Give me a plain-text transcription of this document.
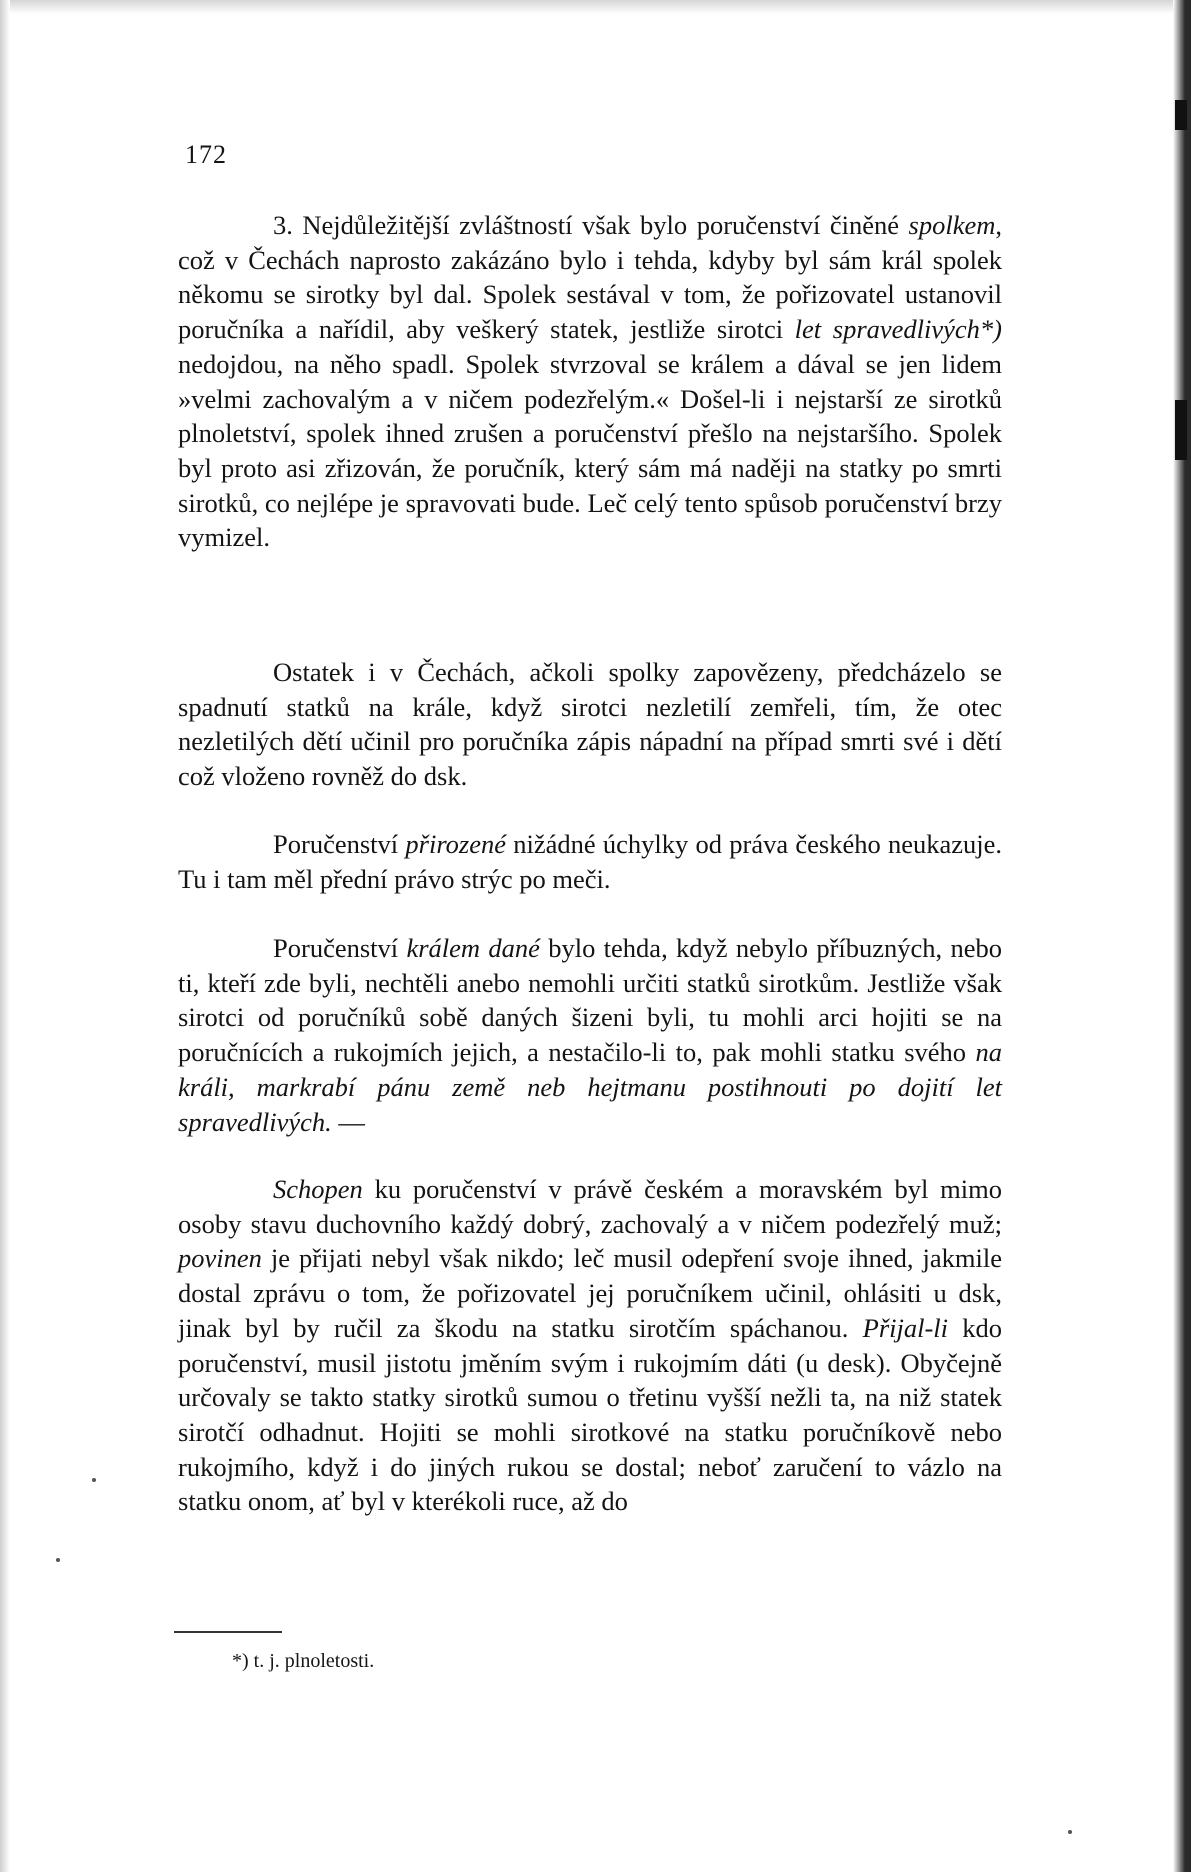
172

3. Nejdůležitější zvláštností však bylo poručenství činěné spolkem, což v Čechách naprosto zakázáno bylo i tehda, kdyby byl sám král spolek někomu se sirotky byl dal. Spolek sestával v tom, že pořizovatel ustanovil poručníka a nařídil, aby veškerý statek, jestliže sirotci let spravedlivých*) nedojdou, na něho spadl. Spolek stvrzoval se králem a dával se jen lidem »velmi zachovalým a v ničem podezřelým.« Došel-li i nejstarší ze sirotků plnoletství, spolek ihned zrušen a poručenství přešlo na nejstaršího. Spolek byl proto asi zřizován, že poručník, který sám má naději na statky po smrti sirotků, co nejlépe je spravovati bude. Leč celý tento spůsob poručenství brzy vymizel.

Ostatek i v Čechách, ačkoli spolky zapovězeny, předcházelo se spadnutí statků na krále, když sirotci nezletilí zemřeli, tím, že otec nezletilých dětí učinil pro poručníka zápis nápadní na případ smrti své i dětí což vloženo rovněž do dsk.

Poručenství přirozené nižádné úchylky od práva českého neukazuje. Tu i tam měl přední právo strýc po meči.

Poručenství králem dané bylo tehda, když nebylo příbuzných, nebo ti, kteří zde byli, nechtěli anebo nemohli určiti statků sirotkům. Jestliže však sirotci od poručníků sobě daných šizeni byli, tu mohli arci hojiti se na poručnících a rukojmích jejich, a nestačilo-li to, pak mohli statku svého na králi, markrabí pánu země neb hejtmanu postihnouti po dojití let spravedlivých. —

Schopen ku poručenství v právě českém a moravském byl mimo osoby stavu duchovního každý dobrý, zachovalý a v ničem podezřelý muž; povinen je přijati nebyl však nikdo; leč musil odepření svoje ihned, jakmile dostal zprávu o tom, že pořizovatel jej poručníkem učinil, ohlásiti u dsk, jinak byl by ručil za škodu na statku sirotčím spáchanou. Přijal-li kdo poručenství, musil jistotu jměním svým i rukojmím dáti (u desk). Obyčejně určovaly se takto statky sirotků sumou o třetinu vyšší nežli ta, na niž statek sirotčí odhadnut. Hojiti se mohli sirotkové na statku poručníkově nebo rukojmího, když i do jiných rukou se dostal; neboť zaručení to vázlo na statku onom, ať byl v kterékoli ruce, až do

*) t. j. plnoletosti.
